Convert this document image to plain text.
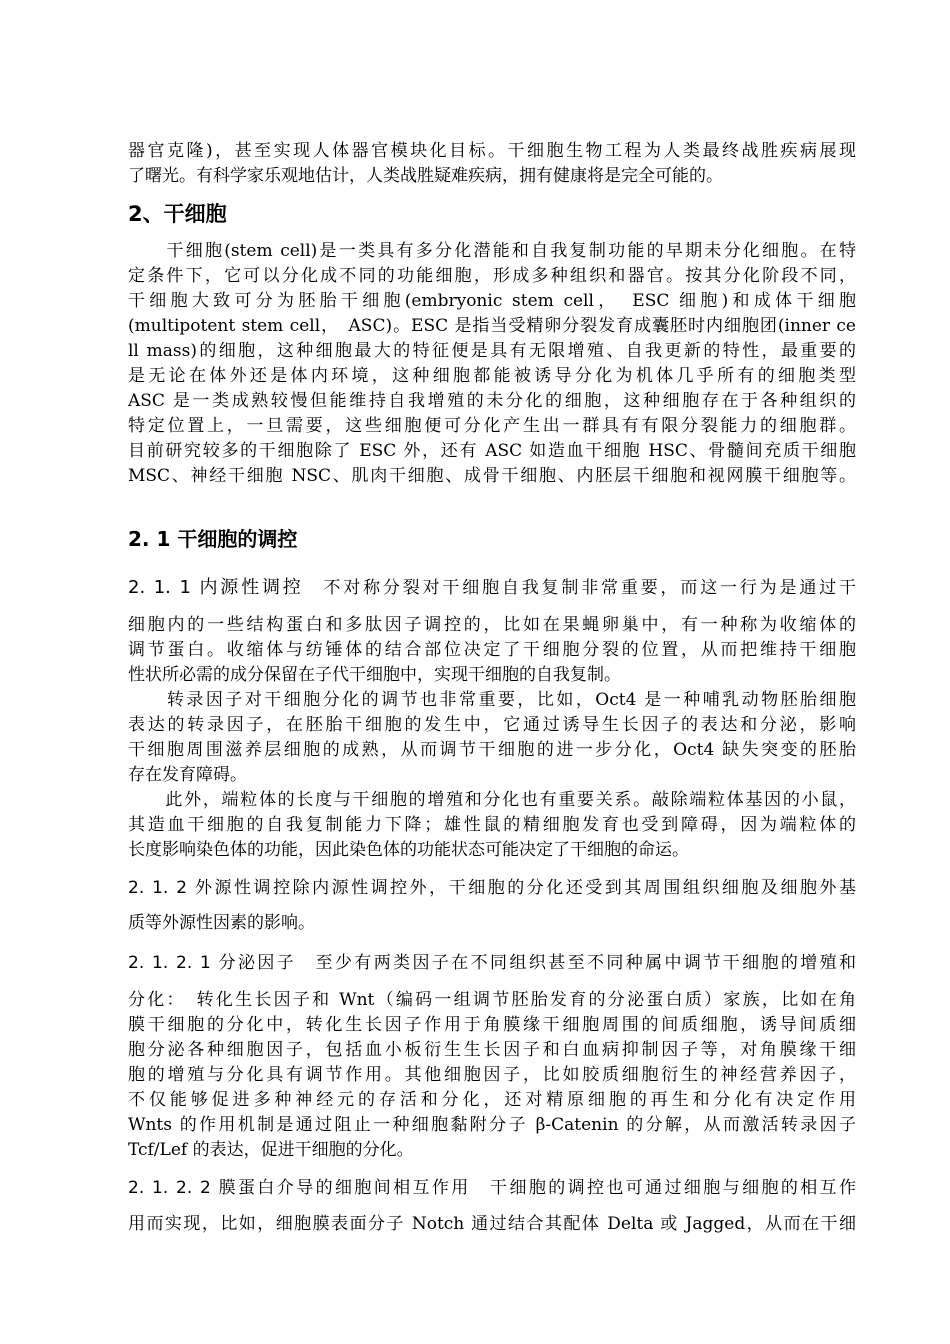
器官克隆)，甚至实现人体器官模块化目标。干细胞生物工程为人类最终战胜疾病展现
了曙光。有科学家乐观地估计，人类战胜疑难疾病，拥有健康将是完全可能的。
2、干细胞
　　干细胞(stem cell)是一类具有多分化潜能和自我复制功能的早期未分化细胞。在特
定条件下，它可以分化成不同的功能细胞，形成多种组织和器官。按其分化阶段不同，
干细胞大致可分为胚胎干细胞(embryonic stem cell，　ESC 细胞)和成体干细胞
(multipotent stem cell，　ASC)。ESC 是指当受精卵分裂发育成囊胚时内细胞团(inner ce
ll mass)的细胞，这种细胞最大的特征便是具有无限增殖、自我更新的特性，最重要的
是无论在体外还是体内环境，这种细胞都能被诱导分化为机体几乎所有的细胞类型
ASC 是一类成熟较慢但能维持自我增殖的未分化的细胞，这种细胞存在于各种组织的
特定位置上，一旦需要，这些细胞便可分化产生出一群具有有限分裂能力的细胞群。
目前研究较多的干细胞除了 ESC 外，还有 ASC 如造血干细胞 HSC、骨髓间充质干细胞
MSC、神经干细胞 NSC、肌肉干细胞、成骨干细胞、内胚层干细胞和视网膜干细胞等。
2. 1 干细胞的调控
2. 1. 1 内源性调控　不对称分裂对干细胞自我复制非常重要，而这一行为是通过干
细胞内的一些结构蛋白和多肽因子调控的，比如在果蝇卵巢中，有一种称为收缩体的
调节蛋白。收缩体与纺锤体的结合部位决定了干细胞分裂的位置，从而把维持干细胞
性状所必需的成分保留在子代干细胞中，实现干细胞的自我复制。
　　转录因子对干细胞分化的调节也非常重要，比如，Oct4 是一种哺乳动物胚胎细胞
表达的转录因子，在胚胎干细胞的发生中，它通过诱导生长因子的表达和分泌，影响
干细胞周围滋养层细胞的成熟，从而调节干细胞的进一步分化，Oct4 缺失突变的胚胎
存在发育障碍。
　　此外，端粒体的长度与干细胞的增殖和分化也有重要关系。敲除端粒体基因的小鼠，
其造血干细胞的自我复制能力下降；雄性鼠的精细胞发育也受到障碍，因为端粒体的
长度影响染色体的功能，因此染色体的功能状态可能决定了干细胞的命运。
2. 1. 2 外源性调控除内源性调控外，干细胞的分化还受到其周围组织细胞及细胞外基
质等外源性因素的影响。
2. 1. 2. 1 分泌因子　至少有两类因子在不同组织甚至不同种属中调节干细胞的增殖和
分化：　转化生长因子和 Wnt（编码一组调节胚胎发育的分泌蛋白质）家族，比如在角
膜干细胞的分化中，转化生长因子作用于角膜缘干细胞周围的间质细胞，诱导间质细
胞分泌各种细胞因子，包括血小板衍生生长因子和白血病抑制因子等，对角膜缘干细
胞的增殖与分化具有调节作用。其他细胞因子，比如胶质细胞衍生的神经营养因子，
不仅能够促进多种神经元的存活和分化，还对精原细胞的再生和分化有决定作用
Wnts 的作用机制是通过阻止一种细胞黏附分子 β-Catenin 的分解，从而激活转录因子
Tcf/Lef 的表达，促进干细胞的分化。
2. 1. 2. 2 膜蛋白介导的细胞间相互作用　干细胞的调控也可通过细胞与细胞的相互作
用而实现，比如，细胞膜表面分子 Notch 通过结合其配体 Delta 或 Jagged，从而在干细
